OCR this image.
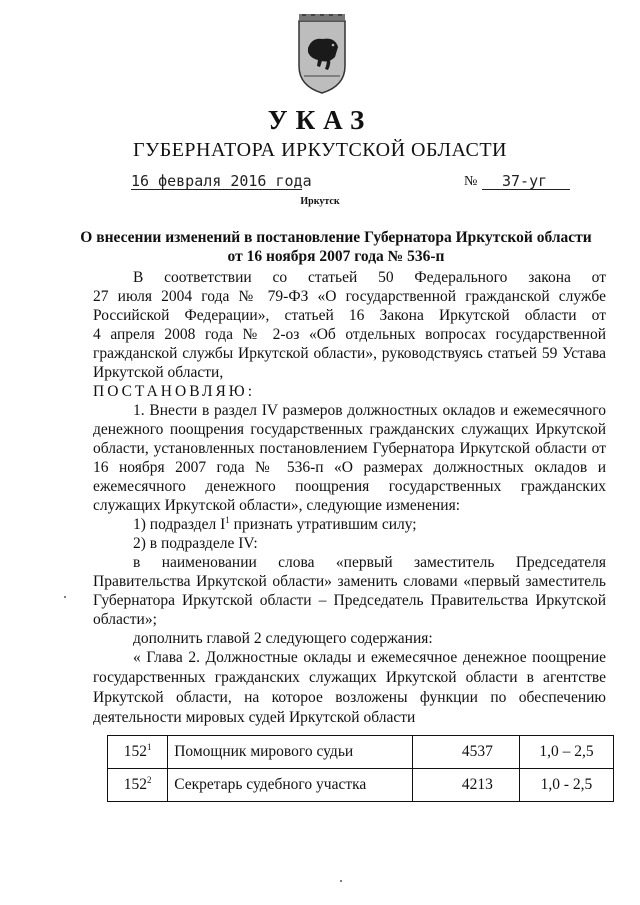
УКАЗ
ГУБЕРНАТОРА ИРКУТСКОЙ ОБЛАСТИ
16 февраля 2016 года	№ 37-уг
Иркутск
О внесении изменений в постановление Губернатора Иркутской области
от 16 ноября 2007 года № 536-п
В соответствии со статьей 50 Федерального закона от
27 июля 2004 года № 79-ФЗ «О государственной гражданской службе
Российской Федерации», статьей 16 Закона Иркутской области от
4 апреля 2008 года № 2-оз «Об отдельных вопросах государственной
гражданской службы Иркутской области», руководствуясь статьей 59 Устава
Иркутской области,
ПОСТАНОВЛЯЮ:
1. Внести в раздел IV размеров должностных окладов и ежемесячного
денежного поощрения государственных гражданских служащих Иркутской
области, установленных постановлением Губернатора Иркутской области от
16 ноября 2007 года № 536-п «О размерах должностных окладов и
ежемесячного денежного поощрения государственных гражданских
служащих Иркутской области», следующие изменения:
1) подраздел $I^1$ признать утратившим силу;
2) в подразделе IV:
в наименовании слова «первый заместитель Председателя
Правительства Иркутской области» заменить словами «первый заместитель
Губернатора Иркутской области – Председатель Правительства Иркутской
области»;
дополнить главой 2 следующего содержания:
« Глава 2. Должностные оклады и ежемесячное денежное поощрение
государственных гражданских служащих Иркутской области в агентстве
Иркутской области, на которое возложены функции по обеспечению
деятельности мировых судей Иркутской области
$152^1$	Помощник мирового судьи	4537	1,0 – 2,5
$152^2$	Секретарь судебного участка	4213	1,0 - 2,5
